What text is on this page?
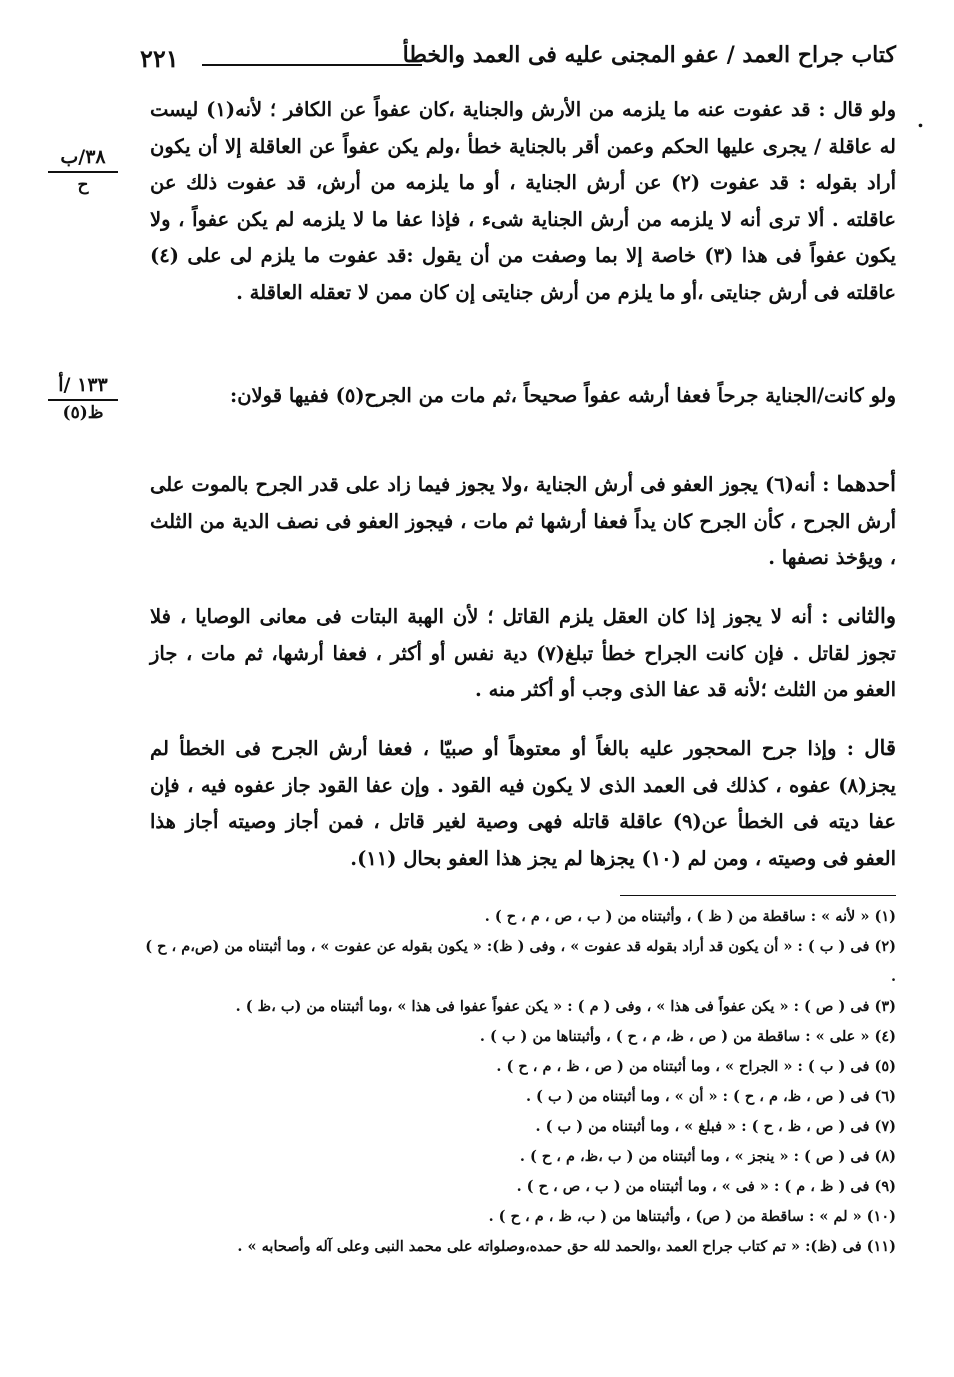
٢٢١	كتاب جراح العمد / عفو المجنى عليه فى العمد والخطأ
.
٣٨/ب
ح
١٣٣ /أ
ظ(٥)

ولو قال : قد عفوت عنه ما يلزمه من الأرش والجناية ،كان عفواً عن الكافر ؛ لأنه(١) ليست له عاقلة / يجرى عليها الحكم وعمن أقر بالجناية خطأ ،ولم يكن عفواً عن العاقلة إلا أن يكون أراد بقوله : قد عفوت (٢) عن أرش الجناية ، أو ما يلزمه من أرش، قد عفوت ذلك عن عاقلته . ألا ترى أنه لا يلزمه من أرش الجناية شىء ، فإذا عفا ما لا يلزمه لم يكن عفواً ، ولا يكون عفواً فى هذا (٣) خاصة إلا بما وصفت من أن يقول :قد عفوت ما يلزم لى على (٤) عاقلته فى أرش جنايتى ،أو ما يلزم من أرش جنايتى إن كان ممن لا تعقله العاقلة .

ولو كانت/الجناية جرحاً فعفا أرشه عفواً صحيحاً ،ثم مات من الجرح(٥) ففيها قولان:

أحدهما : أنه(٦) يجوز العفو فى أرش الجناية ،ولا يجوز فيما زاد على قدر الجرح بالموت على أرش الجرح ، كأن الجرح كان يداً فعفا أرشها ثم مات ، فيجوز العفو فى نصف الدية من الثلث ، ويؤخذ نصفها .

والثانى : أنه لا يجوز إذا كان العقل يلزم القاتل ؛ لأن الهبة البتات فى معانى الوصايا ، فلا تجوز لقاتل . فإن كانت الجراح خطأ تبلغ(٧) دية نفس أو أكثر ، فعفا أرشها، ثم مات ، جاز العفو من الثلث ؛لأنه قد عفا الذى وجب أو أكثر منه .

قال : وإذا جرح المحجور عليه بالغاً أو معتوهاً أو صبيّا ، فعفا أرش الجرح فى الخطأ لم يجز(٨) عفوه ، كذلك فى العمد الذى لا يكون فيه القود . وإن عفا القود جاز عفوه فيه ، فإن عفا ديته فى الخطأ عن(٩) عاقلة قاتله فهى وصية لغير قاتل ، فمن أجاز وصيته أجاز هذا العفو فى وصيته ، ومن لم (١٠) يجزها لم يجز هذا العفو بحال (١١).

(١) « لأنه » : ساقطة من ( ظ ) ، وأثبتناه من ( ب ، ص ، م ، ح ) .
(٢) فى ( ب ) : « أن يكون قد أراد بقوله قد عفوت » ، وفى ( ظ): « يكون بقوله عن عفوت » ، وما أثبتناه من (ص،م ، ح ) .
(٣) فى ( ص ) : « يكن عفواً فى هذا » ، وفى ( م ) : « يكن عفواً عفوا فى هذا » ،وما أثبتناه من (ب ،ظ ) .
(٤) « على » : ساقطة من ( ص ، ظ، م ، ح ) ، وأثبتناها من ( ب ) .
(٥) فى ( ب ) : « الجراح » ، وما أثبتناه من ( ص ، ظ ، م ، ح ) .
(٦) فى ( ص ، ظ، م ، ح ) : « أن » ، وما أثبتناه من ( ب ) .
(٧) فى ( ص ، ظ ، ح ) : « فبلغ » ، وما أثبتناه من ( ب ) .
(٨) فى ( ص ) : « ينجز » ، وما أثبتناه من ( ب ،ظ، م ، ح ) .
(٩) فى ( ظ ، م ) : « فى » ، وما أثبتناه من ( ب ، ص ، ح ) .
(١٠) « لم » : ساقطة من ( ص) ، وأثبتناها من ( ب، ظ ، م ، ح ) .
(١١) فى (ظ): « تم كتاب جراح العمد ،والحمد لله حق حمده،وصلواته على محمد النبى وعلى آله وأصحابه » .
